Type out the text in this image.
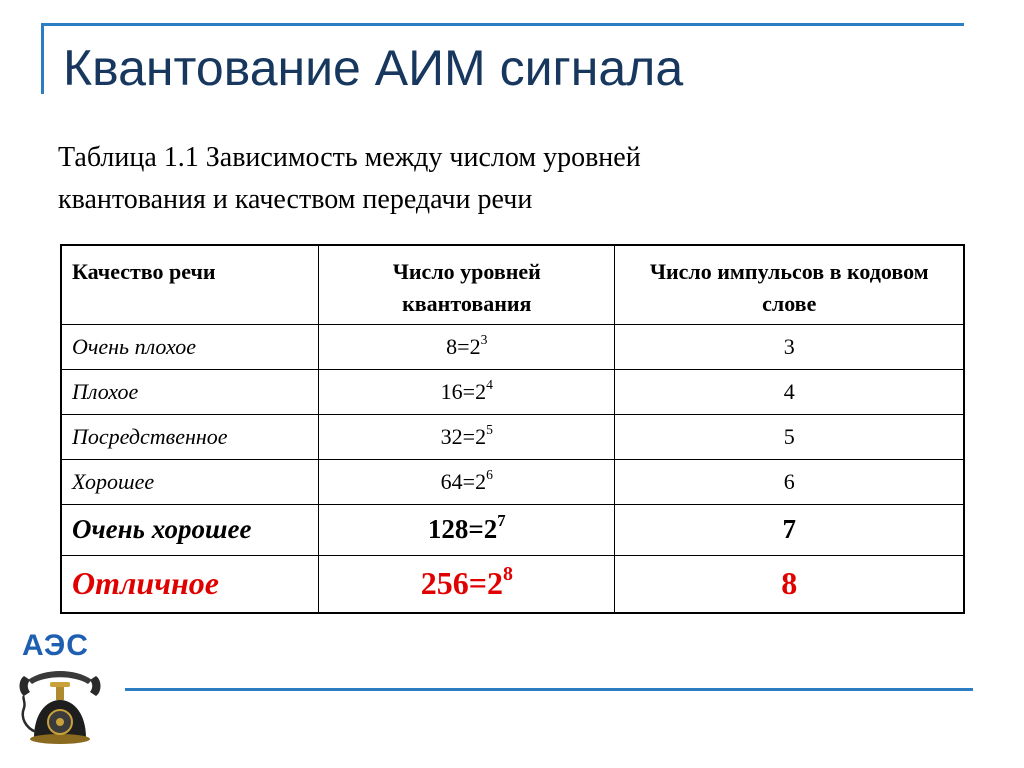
Квантование АИМ сигнала
Таблица 1.1 Зависимость между числом уровней
квантования и качеством передачи речи
Качество речи	Число уровней квантования	Число импульсов в кодовом слове
Очень плохое	$8=2^3$	3
Плохое	$16=2^4$	4
Посредственное	$32=2^5$	5
Хорошее	$64=2^6$	6
Очень хорошее	$128=2^7$	7
Отличное	$256=2^8$	8
АЭС
